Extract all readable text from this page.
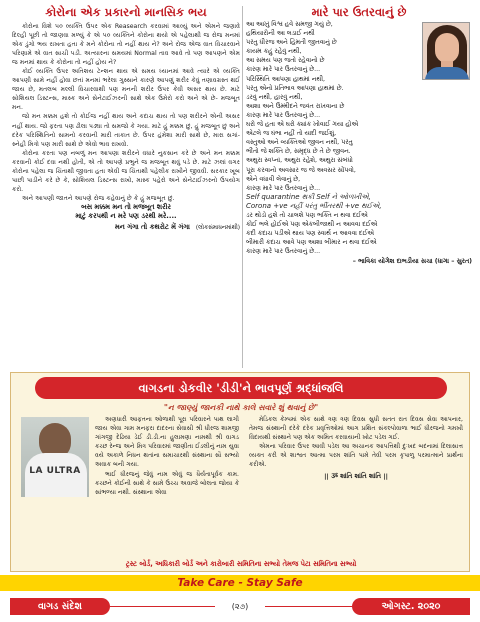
કોરોના એક પ્રકારનો માનસિક ભય

કોરોના વિશે ૫૦ વ્યક્તિ ઉપર એક Reasearch કરવામાં આવ્યું અને એમને જણાવે દિલ્હી પૂછી તો જાણવા મળ્યું કે એ ૫૦ વ્યક્તિને કોરોના થયો એ પહેલાથી જ રોજ મનમાં એક ડુંગો ભય રાખતા હતા કે મને કોરોના તો નહીં થાય ને? અને રોજ એજ વાત વિચારવાને પરિણામે એ વાત સાચી પડી. અત્યારના સમયમાં Normal તાવ આવે તો પણ આપણને એમ જ મનમાં થાય કે કોરોના તો નહીં હોય ને?

કોઈ વ્યક્તિ ઉપર અતિશય ટેન્શન થાય એ સમય ધ્યાનમાં આવે ત્યારે એ વ્યક્તિ આપણી સામે નહીં હોવા છતાં મનમાં ભરેલા ગુસ્સાને કારણે આપણું શરીર કેવું તણાવગ્રસ્ત થઈ જાય છે, મતલબ મલ્લી વિચારવાથી પણ મનની શરીર ઉપર કેવી અસર થાય છે. માટે સોશિયલ ડિસ્ટન્સ, માસ્ક અને સેનેટાઈઝરની સાથે એક ઉમેરો કરો અને એ છે- મજબૂત મન.

જો મન મક્કમ હશે તો કોઈજ નહીં થાય અને કદાચ થાય તો પણ શરીરને એની અસર નહીં થાય. જો ફરતા પણ ઢીલા પડ્યા તો સમજો કે ગયા. માટે હું મક્કમ છું, હું મજબૂત છું અને દરેક પરિસ્થિતિનો સામનો કરવાની મારી તાકાત છે. ઉપર હંમેશા મારી સાથે છે, મારા સગાં-સ્નેહી મિત્રો પણ મારી સાથે છે એવો ભાવ રાખવો.

કોરોના કરતા પણ નબળું મન આપણા શરીરને વધારે નુકસાન કરે છે અને મન મક્કમ કરવાની કોઈ દવા નથી હોતી, એ તો આપણે પ્રભુને જ મજબૂત થવું પડે છે. માટે ઝલાં વગર કોરોના પહેલા જ ચિંતાથી જીવતા હતા એવી જ ચિંતાથી પહેલીક રાખીને જીવવી. સરકાર ખૂબ પાછી પાડીને કરે છે કે, સોશિયલ ડિસ્ટન્સ રાખો, માસ્ક પહેરો અને સેનેટાઈઝરનો ઉપયોગ કરો.

અને આપણી જાતને આપણે રોજ કહેવાનું છે કે હું મજબૂત છું.

બસ મક્કમ મન તો મજબૂત શરીર
માટું કરપથી ન મરે પણ ડરથી મરે....
મન ગંગા તો કથરોટ મેં ગંગા (લોકસંમાધનમાંથી)
મારે પાર ઉતરવાનું છે
આ આખું વિશ્વ હવે સમજી ગયું છે,
હથિયારોની આ લડાઈ નથી
પરંતુ ધીરજ અને હિંમતી જીતવાનું છે
કાયમ કહું રહેવું નથી,
આ સમય પણ જતો રહેવાનો છે
કારણ મારે પાર ઉતરવાનું છે...
પરિસ્થિતિ આપણા હાથમાં નથી,
પરંતુ એનો પ્રતિભાવ આપણા હાથમાં છે.
ડરવું નથી, હારવું નથી,
આશા અને ઉમ્મીદને જવંત રાખવાના છે
કારણ મારે પાર ઉતરવાનું છે...
ઘરો જે હતા એ ઘરો ક્યાંક ખોવાઈ ગયા હોએ
એટલે જ ઘંભા નહીં તો યાદી જઈશું,
વસ્તુઓ અને વ્યક્તિઓ જીવન નથી, પરંતુ
ભીંતો જે શક્તિ છે, સમૃદ્ધ છે તે છે જીવન.
અથુરા સ્વપ્નાં, અથુરા રહેશે, અથુરા સંબંધો
પૂરા કરવાનો અવસાર જ જે અવસર સોંપવો,
એને વધાવી લેવાનું છે,
કારણ મારે પાર ઉતરવાનું છે...
Self quarantine થકી Self ને ઓળખીએ,
Corona +ve નહીં પરંતુ ભીંતરથી +ve થઈએ,
ડર થોડો હશે તો ચાલશે પણ ભક્તિ ન થવા દઈએ
કોઈ ભલે હોઈએ પણ એકબીજાથી ન આવવા દઈએ
કદી કદાચ પડીએ થાય પણ સ્વાર્થ ન આવવા દઈએ
બીમારી કદાચ આવે પણ આશા બીમાર ન થવા દઈએ
કારણ મારે પાર ઉતરવાનું છે...
– ભાવિકા યોગેશ દાભડીયા સચા (ધાગા – સુરત)
વાગડના ડોકવીર 'ડીડી'ને ભાવપૂર્ણ શ્રદ્ધાંજલિ
"ન જાણ્યું જાનકી નાથે કાલે સવારે શું થવાનું છે"
LA ULTRA

અણધારી આફતના ઓળાથી પૂરા પરિવારને પાથ લાગી જાય એવા ગામ મનફરા દાદરના સેવાસી શ્રી ધીરજ શામજી ગાંગજી દેઢિયા ડેઈ ડી.ડી.ના હુલામણા નામથી શ્રી વાગડ કચ્છ રેન્જ અને મિત્ર પરિવારમાં જાણીતા ઈડલીનું નામ યુવા વયે અકાળે નિધન થતાંના સમાચારથી સંસ્થાના સૌ સભ્યો અવાક બની ગયા.

ભાઈ ધીરજનું જેવું નામ એવું જ ધૈર્યતાપૂર્વક કામ. કચ્છને કોઈની સાથે કે સામે ઉચ્ચ અવાજે બોલતા જોયા કે સાંભળ્યા નથી. સંસ્થાના એવા

મેડિકલ કેમ્પમાં એક સાથે ત્રણ ત્રણ દિવસ સુધી સતત રાત દિવસ સેવા આપનાર, તેમજ સંસ્થાની દરેકે દરેક પ્રવૃત્તિઓમાં આગ પ્રથિત સંકલ્પોવાળા ભાઈ ધીરજનો ગમખી વિદાયથી સંસ્થાને પણ એક અમિત કરવાયાની ખોટ પડેલ ગઈ.

એમના પરિવાર ઉપર આવી પડેલ આ અચાનક આપત્તિથી દુઃખદ બદનામાં દિલાસાત્ત વ્યક્ત કરી એ શાશ્વત આત્મા પરમ શાંતિ પામે તેવી પરમ કૃપાળુ પરમાત્માને પ્રાર્થના કરીએ.

|| ૐ શાંતિ શાંતિ શાંતિ ||
ટ્રસ્ટ બોર્ડ, અધિકારી બોર્ડ અને કારોબારી સમિતિના સભ્યો તેમજ પેટા સમિતિના સભ્યો
Take Care - Stay Safe
વાગડ સંદેશ	(૨૭)	ઓગસ્ટ. ૨૦૨૦
